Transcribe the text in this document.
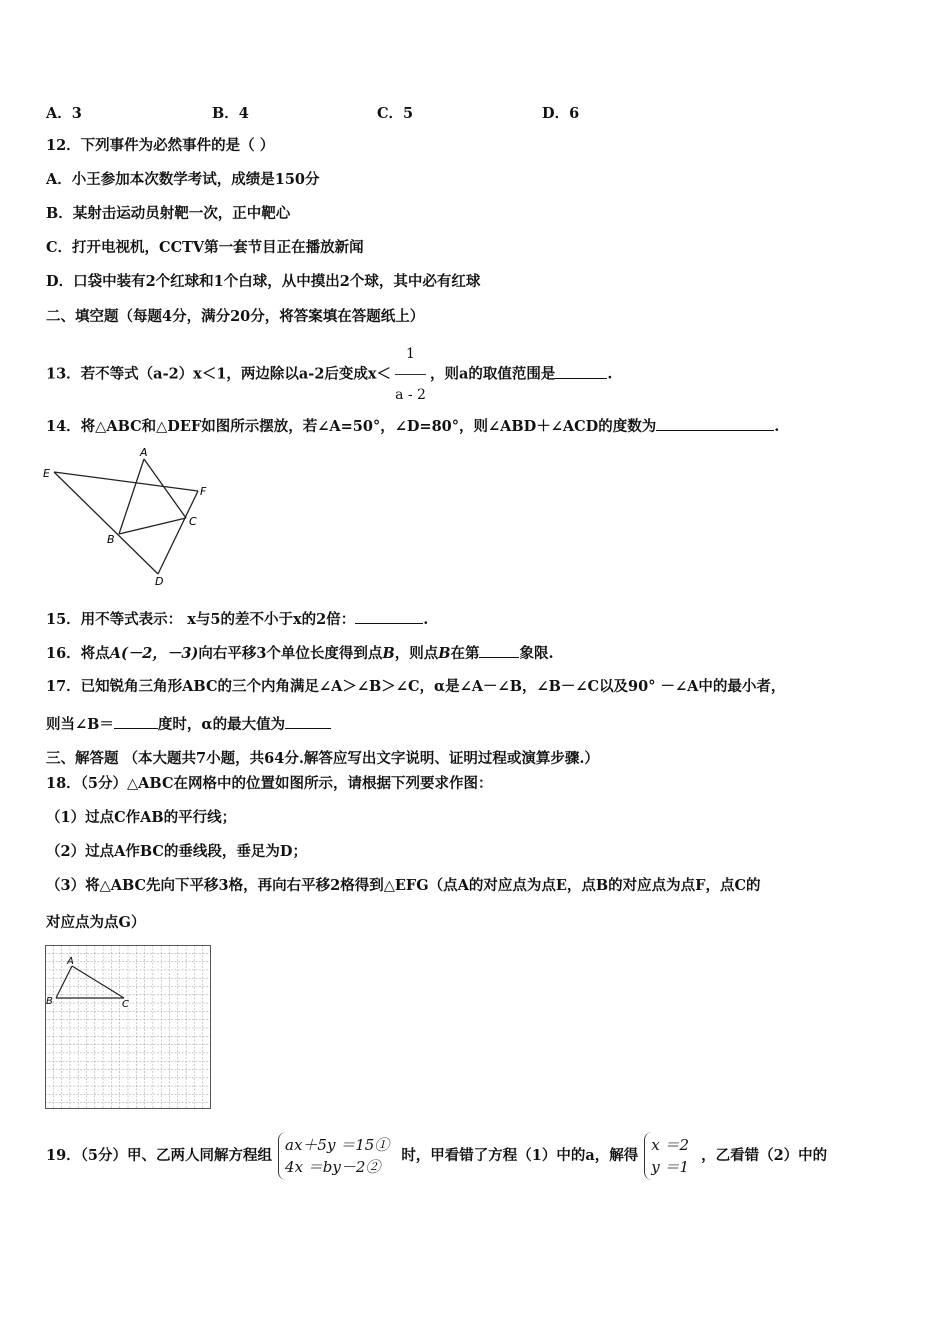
A．3	B．4	C．5	D．6
12．下列事件为必然事件的是（ ）
A．小王参加本次数学考试，成绩是150分
B．某射击运动员射靶一次，正中靶心
C．打开电视机，CCTV第一套节目正在播放新闻
D．口袋中装有2个红球和1个白球，从中摸出2个球，其中必有红球
二、填空题（每题4分，满分20分，将答案填在答题纸上）
13．若不等式（a-2）x＜1，两边除以a-2后变成$x< \frac{1}{a - 2}$ ，则a的取值范围是	.
14．将△ABC和△DEF如图所示摆放，若∠A=50°，∠D=80°，则∠ABD＋∠ACD的度数为	.
A
E
F
C
B
D
15．用不等式表示： x与5的差不小于x的2倍：	.
16．将点A(－2，－3)向右平移3个单位长度得到点B，则点B在第	象限.
17．已知锐角三角形ABC的三个内角满足∠A＞∠B＞∠C，α是∠A－∠B，∠B－∠C以及90° －∠A中的最小者，
则当∠B＝	度时，α的最大值为
三、解答题 （本大题共7小题，共64分.解答应写出文字说明、证明过程或演算步骤.）
18．（5分）△ABC在网格中的位置如图所示，请根据下列要求作图：
（1）过点C作AB的平行线；
（2）过点A作BC的垂线段，垂足为D；
（3）将△ABC先向下平移3格，再向右平移2格得到△EFG（点A的对应点为点E，点B的对应点为点F，点C的
对应点为点G）
A
B	C
19．（5分）甲、乙两人同解方程组
ax＋5y ＝15①
4x ＝by－2②
时，甲看错了方程（1）中的a，解得
x ＝2
y ＝1
，乙看错（2）中的
